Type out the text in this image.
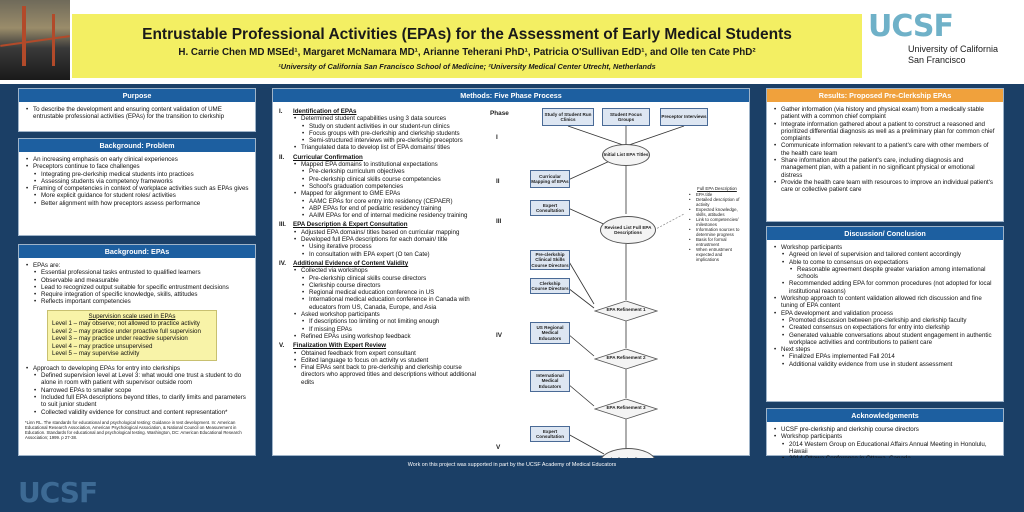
Entrustable Professional Activities (EPAs) for the Assessment of Early Medical Students
H. Carrie Chen MD MSEd¹, Margaret McNamara MD¹, Arianne Teherani PhD¹, Patricia O'Sullivan EdD¹, and Olle ten Cate PhD²
¹University of California San Francisco School of Medicine; ²University Medical Center Utrecht, Netherlands
UCSF
University of California
San Francisco
Purpose
• To describe the development and ensuring content validation of UME entrustable professional activities (EPAs) for the transition to clerkship
Background: Problem
• An increasing emphasis on early clinical experiences
• Preceptors continue to face challenges
• Integrating pre-clerkship medical students into practices
• Assessing students via competency frameworks
• Framing of competencies in context of workplace activities such as EPAs gives
• More explicit guidance for student roles/ activities
• Better alignment with how preceptors assess performance
Background: EPAs
• EPAs are:
• Essential professional tasks entrusted to qualified learners
• Observable and measurable
• Lead to recognized output suitable for specific entrustment decisions
• Require integration of specific knowledge, skills, attitudes
• Reflects important competencies
Supervision scale used in EPAs
Level 1 – may observe; not allowed to practice activity
Level 2 – may practice under proactive full supervision
Level 3 – may practice under reactive supervision
Level 4 – may practice unsupervised
Level 5 – may supervise activity
• Approach to developing EPAs for entry into clerkships
• Defined supervision level at Level 3: what would one trust a student to do alone in room with patient with supervisor outside room
• Narrowed EPAs to smaller scope
• Included full EPA descriptions beyond titles, to clarify limits and parameters to suit junior student
• Collected validity evidence for construct and content representation*
*Linn RL. The standards for educational and psychological testing: Guidance in test development. In: American Educational Research Association, American Psychological Association, & National Council on Measurement in Education. Standards for educational and psychological testing. Washington, DC: American Educational Research Association; 1999. p 27-38.
Methods: Five Phase Process
I. Identification of EPAs
• Determined student capabilities using 3 data sources
• Study on student activities in our student-run clinics
• Focus groups with pre-clerkship and clerkship students
• Semi-structured interviews with pre-clerkship preceptors
• Triangulated data to develop list of EPA domains/ titles
II. Curricular Confirmation
• Mapped EPA domains to institutional expectations
• Pre-clerkship curriculum objectives
• Pre-clerkship clinical skills course competencies
• School's graduation competencies
• Mapped for alignment to GME EPAs
• AAMC EPAs for core entry into residency (CEPAER)
• ABP EPAs for end of pediatric residency training
• AAIM EPAs for end of internal medicine residency training
III. EPA Description & Expert Consultation
• Adjusted EPA domains/ titles based on curricular mapping
• Developed full EPA descriptions for each domain/ title
• Using iterative process
• In consultation with EPA expert (O ten Cate)
IV. Additional Evidence of Content Validity
• Collected via workshops
• Pre-clerkship clinical skills course directors
• Clerkship course directors
• Regional medical education conference in US
• International medical education conference in Canada with educators from US, Canada, Europe, and Asia
• Asked workshop participants
• If descriptions too limiting or not limiting enough
• If missing EPAs
• Refined EPAs using workshop feedback
V. Finalization With Expert Review
• Obtained feedback from expert consultant
• Edited language to focus on activity vs student
• Final EPAs sent back to pre-clerkship and clerkship course directors who approved titles and descriptions without additional edits
Phase
I
II
III
IV
V
Study of Student Run Clinics
Student Focus Groups
Preceptor Interviews
Initial List EPA Titles
Curricular Mapping of EPAs
Expert Consultation
Revised List Full EPA Descriptions
Pre-clerkship Clinical Skills Course Directors
Clerkship Course Directors
EPA Refinement 1
US Regional Medical Educators
EPA Refinement 2
International Medical Educators
EPA Refinement 3
Expert Consultation
Full EPA Description
• EPA title
• Detailed description of activity
• Expected knowledge, skills, attitudes
• Link to competencies/ milestones
• Information sources to determine progress
• Basis for formal entrustment
• When entrustment expected and implications
Results: Proposed Pre-Clerkship EPAs
• Gather information (via history and physical exam) from a medically stable patient with a common chief complaint
• Integrate information gathered about a patient to construct a reasoned and prioritized differential diagnosis as well as a preliminary plan for common chief complaints
• Communicate information relevant to a patient's care with other members of the health care team
• Share information about the patient's care, including diagnosis and management plan, with a patient in no significant physical or emotional distress
• Provide the health care team with resources to improve an individual patient's care or collective patient care
Discussion/ Conclusion
• Workshop participants
• Agreed on level of supervision and tailored content accordingly
• Able to come to consensus on expectations
• Reasonable agreement despite greater variation among international schools
• Recommended adding EPA for common procedures (not adopted for local institutional reasons)
• Workshop approach to content validation allowed rich discussion and fine tuning of EPA content
• EPA development and validation process
• Promoted discussion between pre-clerkship and clerkship faculty
• Created consensus on expectations for entry into clerkship
• Generated valuable conversations about student engagement in authentic workplace activities and contributions to patient care
• Next steps
• Finalized EPAs implemented Fall 2014
• Additional validity evidence from use in student assessment
Acknowledgements
• UCSF pre-clerkship and clerkship course directors
• Workshop participants
• 2014 Western Group on Educational Affairs Annual Meeting in Honolulu, Hawaii
•
Work on this project was supported in part by the UCSF Academy of Medical Educators
UCSF
